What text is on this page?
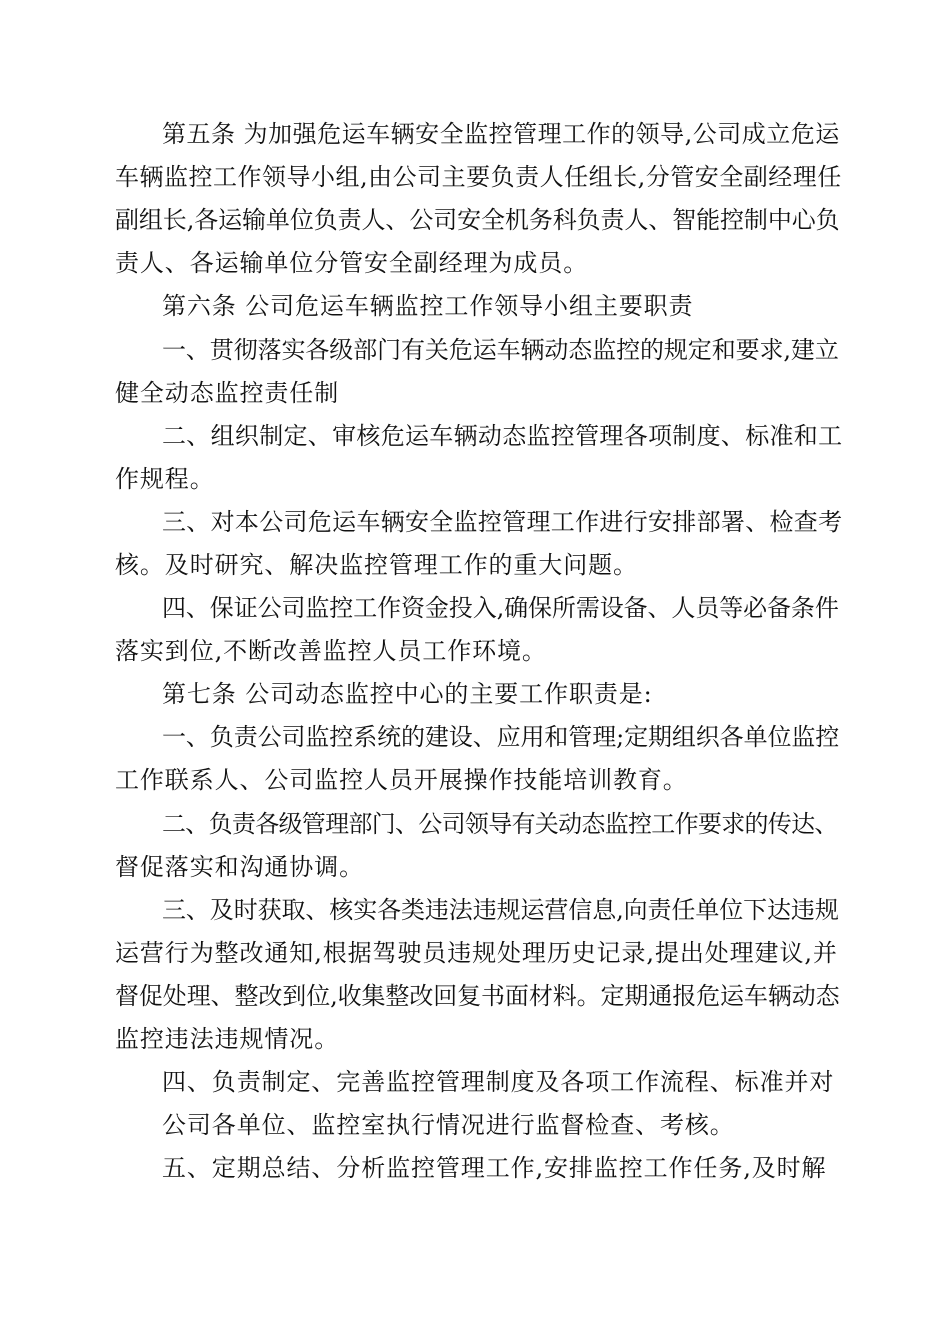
第五条 为加强危运车辆安全监控管理工作的领导,公司成立危运
车辆监控工作领导小组,由公司主要负责人任组长,分管安全副经理任
副组长,各运输单位负责人、公司安全机务科负责人、智能控制中心负
责人、各运输单位分管安全副经理为成员。
第六条 公司危运车辆监控工作领导小组主要职责
一、贯彻落实各级部门有关危运车辆动态监控的规定和要求,建立
健全动态监控责任制
二、组织制定、审核危运车辆动态监控管理各项制度、标准和工
作规程。
三、对本公司危运车辆安全监控管理工作进行安排部署、检查考
核。及时研究、解决监控管理工作的重大问题。
四、保证公司监控工作资金投入,确保所需设备、人员等必备条件
落实到位,不断改善监控人员工作环境。
第七条 公司动态监控中心的主要工作职责是:
一、负责公司监控系统的建设、应用和管理;定期组织各单位监控
工作联系人、公司监控人员开展操作技能培训教育。
二、负责各级管理部门、公司领导有关动态监控工作要求的传达、
督促落实和沟通协调。
三、及时获取、核实各类违法违规运营信息,向责任单位下达违规
运营行为整改通知,根据驾驶员违规处理历史记录,提出处理建议,并
督促处理、整改到位,收集整改回复书面材料。定期通报危运车辆动态
监控违法违规情况。
四、负责制定、完善监控管理制度及各项工作流程、标准并对
公司各单位、监控室执行情况进行监督检查、考核。
五、定期总结、分析监控管理工作,安排监控工作任务,及时解
